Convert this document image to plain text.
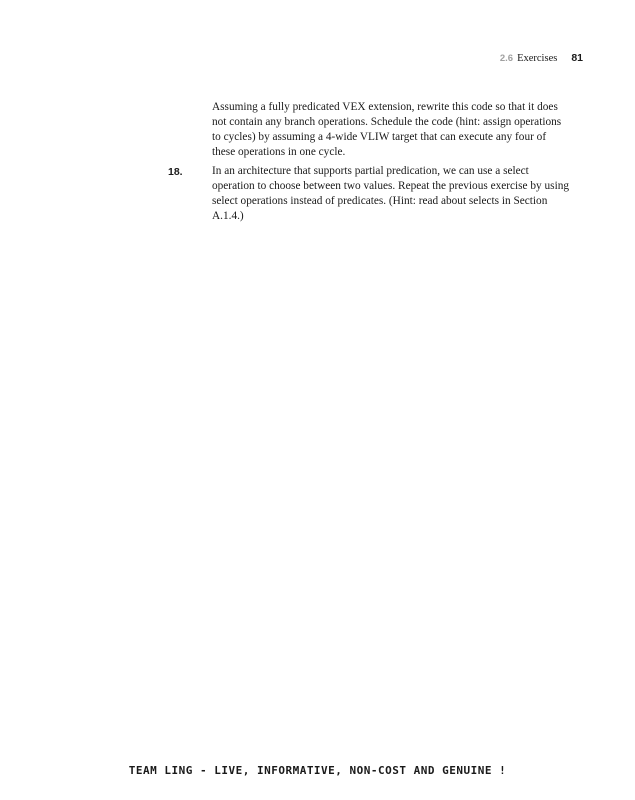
2.6 Exercises 81
Assuming a fully predicated VEX extension, rewrite this code so that it does not contain any branch operations. Schedule the code (hint: assign operations to cycles) by assuming a 4-wide VLIW target that can execute any four of these operations in one cycle.
18.	In an architecture that supports partial predication, we can use a select operation to choose between two values. Repeat the previous exercise by using select operations instead of predicates. (Hint: read about selects in Section A.1.4.)
TEAM LING - LIVE, INFORMATIVE, NON-COST AND GENUINE !
